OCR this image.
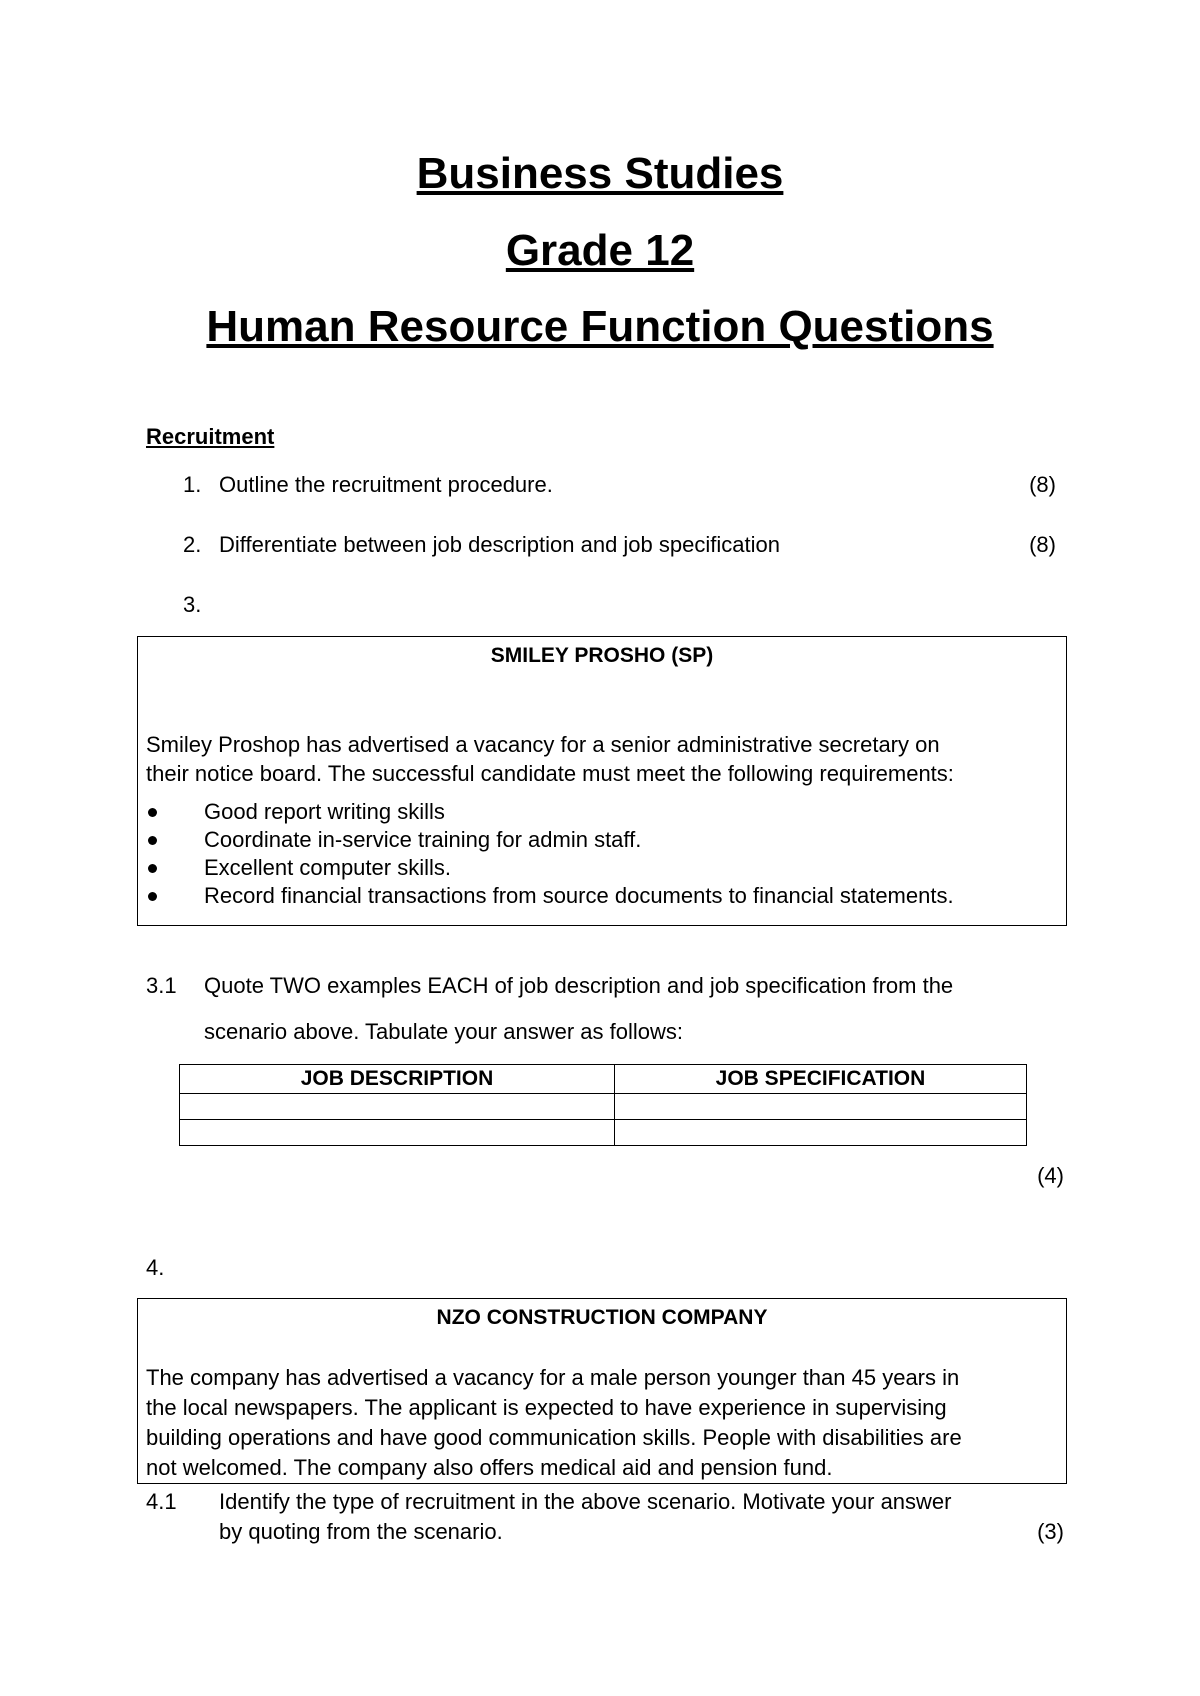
Business Studies
Grade 12
Human Resource Function Questions
Recruitment
1. Outline the recruitment procedure.	(8)
2. Differentiate between job description and job specification	(8)
3.
SMILEY PROSHO (SP)

Smiley Proshop has advertised a vacancy for a senior administrative secretary on

their notice board. The successful candidate must meet the following requirements:

Good report writing skills
Coordinate in-service training for admin staff.
Excellent computer skills.
Record financial transactions from source documents to financial statements.
3.1 Quote TWO examples EACH of job description and job specification from the
scenario above. Tabulate your answer as follows:
JOB DESCRIPTION	JOB SPECIFICATION

(4)
4.
NZO CONSTRUCTION COMPANY

The company has advertised a vacancy for a male person younger than 45 years in

the local newspapers. The applicant is expected to have experience in supervising

building operations and have good communication skills. People with disabilities are

not welcomed. The company also offers medical aid and pension fund.

4.1 Identify the type of recruitment in the above scenario. Motivate your answer
by quoting from the scenario.	(3)
